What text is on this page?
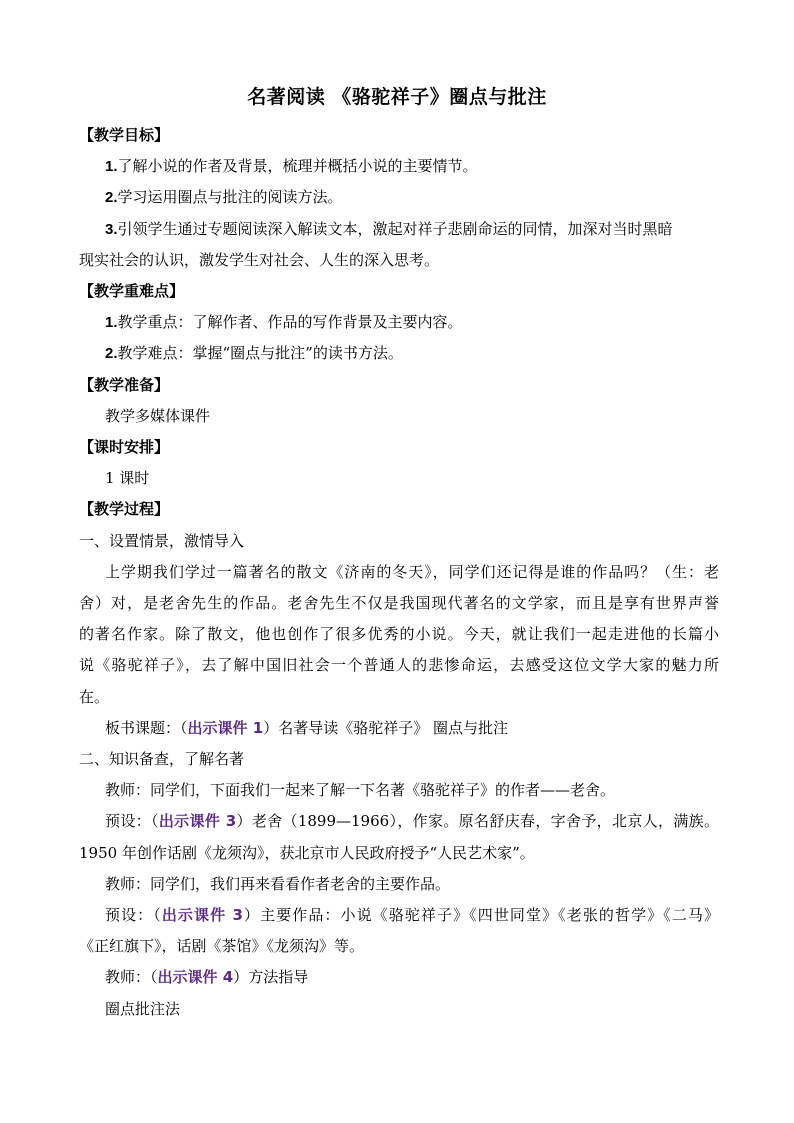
名著阅读 《骆驼祥子》圈点与批注
【教学目标】
1.了解小说的作者及背景，梳理并概括小说的主要情节。
2.学习运用圈点与批注的阅读方法。
3.引领学生通过专题阅读深入解读文本，激起对祥子悲剧命运的同情，加深对当时黑暗
现实社会的认识，激发学生对社会、人生的深入思考。
【教学重难点】
1.教学重点：了解作者、作品的写作背景及主要内容。
2.教学难点：掌握“圈点与批注”的读书方法。
【教学准备】
教学多媒体课件
【课时安排】
1 课时
【教学过程】
一、设置情景，激情导入
上学期我们学过一篇著名的散文《济南的冬天》，同学们还记得是谁的作品吗？（生：老
舍）对，是老舍先生的作品。老舍先生不仅是我国现代著名的文学家，而且是享有世界声誉
的著名作家。除了散文，他也创作了很多优秀的小说。今天，就让我们一起走进他的长篇小
说《骆驼祥子》，去了解中国旧社会一个普通人的悲惨命运，去感受这位文学大家的魅力所
在。
板书课题：（出示课件 1）名著导读《骆驼祥子》 圈点与批注
二、知识备查，了解名著
教师：同学们，下面我们一起来了解一下名著《骆驼祥子》的作者——老舍。
预设：（出示课件 3）老舍（1899—1966），作家。原名舒庆春，字舍予，北京人，满族。
1950 年创作话剧《龙须沟》，获北京市人民政府授予“人民艺术家”。
教师：同学们，我们再来看看作者老舍的主要作品。
预设：（出示课件 3）主要作品：小说《骆驼祥子》《四世同堂》《老张的哲学》《二马》
《正红旗下》，话剧《茶馆》《龙须沟》等。
教师：（出示课件 4）方法指导
圈点批注法
